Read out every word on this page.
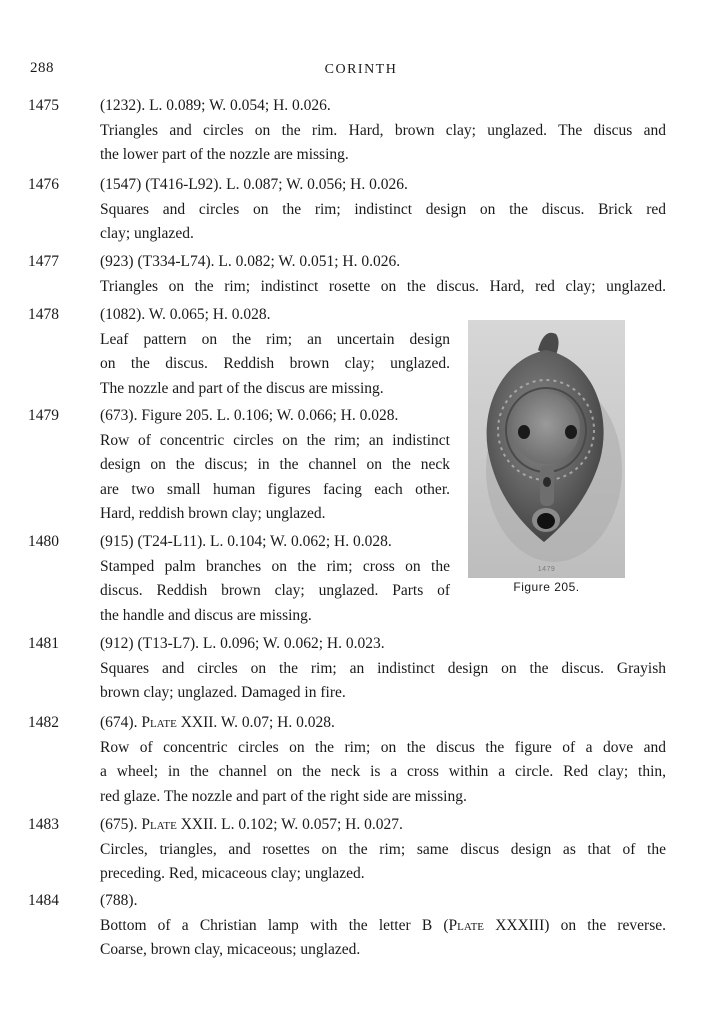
288	CORINTH
1475	(1232). L. 0.089; W. 0.054; H. 0.026.
Triangles and circles on the rim. Hard, brown clay; unglazed. The discus and
the lower part of the nozzle are missing.
1476	(1547) (T416-L92). L. 0.087; W. 0.056; H. 0.026.
Squares and circles on the rim; indistinct design on the discus. Brick red
clay; unglazed.
1477	(923) (T334-L74). L. 0.082; W. 0.051; H. 0.026.
Triangles on the rim; indistinct rosette on the discus. Hard, red clay; unglazed.
1478	(1082). W. 0.065; H. 0.028.
Leaf pattern on the rim; an uncertain design
on the discus. Reddish brown clay; unglazed.
The nozzle and part of the discus are missing.
1479	(673). Figure 205. L. 0.106; W. 0.066; H. 0.028.
Row of concentric circles on the rim; an indistinct
design on the discus; in the channel on the neck
are two small human figures facing each other.
Hard, reddish brown clay; unglazed.
1480	(915) (T24-L11). L. 0.104; W. 0.062; H. 0.028.
Stamped palm branches on the rim; cross on the
discus. Reddish brown clay; unglazed. Parts of
the handle and discus are missing.
1481	(912) (T13-L7). L. 0.096; W. 0.062; H. 0.023.
Squares and circles on the rim; an indistinct design on the discus. Grayish
brown clay; unglazed. Damaged in fire.
1482	(674). Plate XXII. W. 0.07; H. 0.028.
Row of concentric circles on the rim; on the discus the figure of a dove and
a wheel; in the channel on the neck is a cross within a circle. Red clay; thin,
red glaze. The nozzle and part of the right side are missing.
1483	(675). Plate XXII. L. 0.102; W. 0.057; H. 0.027.
Circles, triangles, and rosettes on the rim; same discus design as that of the
preceding. Red, micaceous clay; unglazed.
1484	(788).
Bottom of a Christian lamp with the letter B (Plate XXXIII) on the reverse.
Coarse, brown clay, micaceous; unglazed.
1479
Figure 205.
